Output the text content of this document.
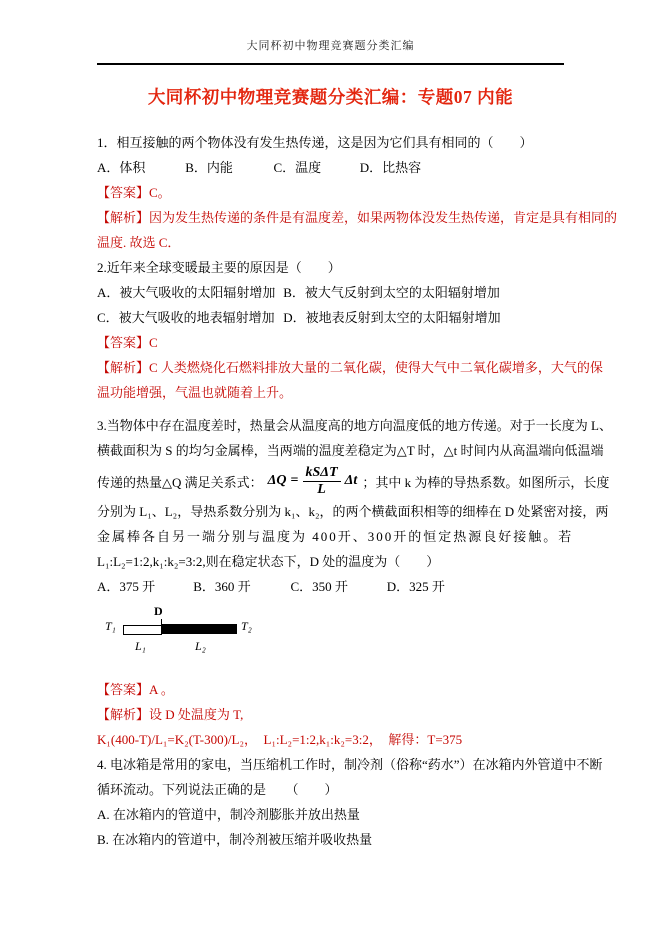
大同杯初中物理竞赛题分类汇编
大同杯初中物理竞赛题分类汇编：专题07 内能
1．相互接触的两个物体没有发生热传递，这是因为它们具有相同的（　　）
A．体积	B．内能	C．温度	D．比热容
【答案】C。
【解析】因为发生热传递的条件是有温度差，如果两物体没发生热传递，肯定是具有相同的
温度. 故选 C．
2.近年来全球变暖最主要的原因是（　　）
A．被大气吸收的太阳辐射增加 B．被大气反射到太空的太阳辐射增加
C．被大气吸收的地表辐射增加 D．被地表反射到太空的太阳辐射增加
【答案】C
【解析】C 人类燃烧化石燃料排放大量的二氧化碳，使得大气中二氧化碳增多，大气的保
温功能增强，气温也就随着上升。
3.当物体中存在温度差时，热量会从温度高的地方向温度低的地方传递。对于一长度为 L、
横截面积为 S 的均匀金属棒，当两端的温度差稳定为△T 时，△t 时间内从高温端向低温端
传递的热量△Q 满足关系式： $\Delta Q = \frac{\text{kSΔT}}{L}$ Δt ；其中 k 为棒的导热系数。如图所示，长度
分别为 L₁、L₂，导热系数分别为 k₁、k₂，的两个横截面积相等的细棒在 D 处紧密对接，两
金属棒各自另一端分别与温度为 400开、300开的恒定热源良好接触。若
L₁:L₂=1:2,k₁:k₂=3:2,则在稳定状态下，D 处的温度为（　　）
A．375 开	B．360 开	C．350 开	D．325 开
T₁
D
L₁	L₂
T₂
【答案】A 。
【解析】设 D 处温度为 T,
K₁(400-T)/L₁=K₂(T-300)/L₂，　L₁:L₂=1:2,k₁:k₂=3:2，　解得：T=375
4. 电冰箱是常用的家电，当压缩机工作时，制冷剂（俗称“药水”）在冰箱内外管道中不断
循环流动。下列说法正确的是　　（　　）
A. 在冰箱内的管道中，制冷剂膨胀并放出热量
B. 在冰箱内的管道中，制冷剂被压缩并吸收热量
